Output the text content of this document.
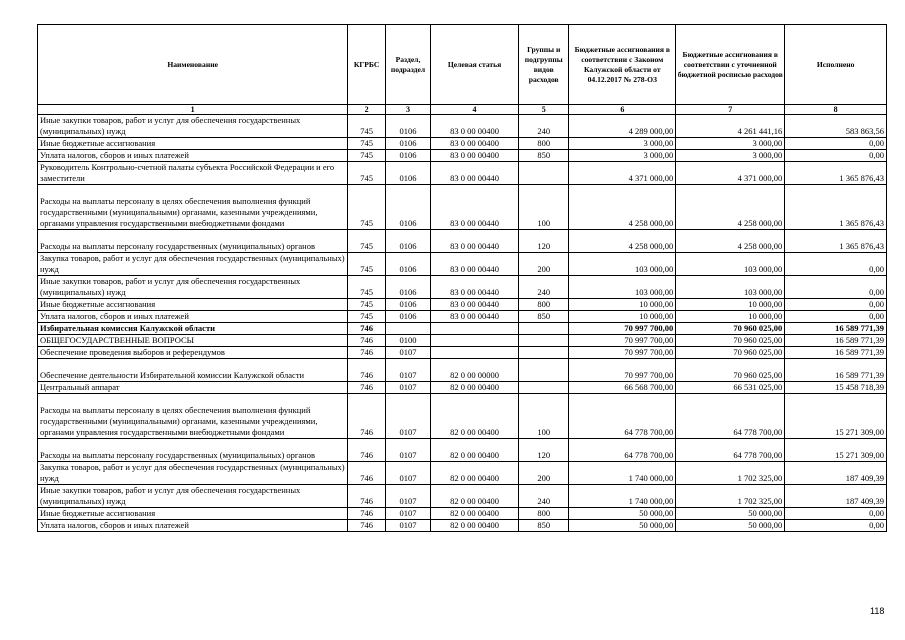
Наименование	КГРБС	Раздел, подраздел	Целевая статья	Группы и подгруппы видов расходов	Бюджетные ассигнования в соответствии с Законом Калужской области от 04.12.2017 № 278-ОЗ	Бюджетные ассигнования в соответствии с уточненной бюджетной росписью расходов	Исполнено
1	2	3	4	5	6	7	8
Иные закупки товаров, работ и услуг для обеспечения государственных (муниципальных) нужд	745	0106	83 0 00 00400	240	4 289 000,00	4 261 441,16	583 863,56
Иные бюджетные ассигнования	745	0106	83 0 00 00400	800	3 000,00	3 000,00	0,00
Уплата налогов, сборов и иных платежей	745	0106	83 0 00 00400	850	3 000,00	3 000,00	0,00
Руководитель Контрольно-счетной палаты субъекта Российской Федерации и его заместители	745	0106	83 0 00 00440		4 371 000,00	4 371 000,00	1 365 876,43
Расходы на выплаты персоналу в целях обеспечения выполнения функций государственными (муниципальными) органами, казенными учреждениями, органами управления государственными внебюджетными фондами	745	0106	83 0 00 00440	100	4 258 000,00	4 258 000,00	1 365 876,43
Расходы на выплаты персоналу государственных (муниципальных) органов	745	0106	83 0 00 00440	120	4 258 000,00	4 258 000,00	1 365 876,43
Закупка товаров, работ и услуг для обеспечения государственных (муниципальных) нужд	745	0106	83 0 00 00440	200	103 000,00	103 000,00	0,00
Иные закупки товаров, работ и услуг для обеспечения государственных (муниципальных) нужд	745	0106	83 0 00 00440	240	103 000,00	103 000,00	0,00
Иные бюджетные ассигнования	745	0106	83 0 00 00440	800	10 000,00	10 000,00	0,00
Уплата налогов, сборов и иных платежей	745	0106	83 0 00 00440	850	10 000,00	10 000,00	0,00
Избирательная комиссия Калужской области	746				70 997 700,00	70 960 025,00	16 589 771,39
ОБЩЕГОСУДАРСТВЕННЫЕ ВОПРОСЫ	746	0100			70 997 700,00	70 960 025,00	16 589 771,39
Обеспечение проведения выборов и референдумов	746	0107			70 997 700,00	70 960 025,00	16 589 771,39
Обеспечение деятельности Избирательной комиссии Калужской области	746	0107	82 0 00 00000		70 997 700,00	70 960 025,00	16 589 771,39
Центральный аппарат	746	0107	82 0 00 00400		66 568 700,00	66 531 025,00	15 458 718,39
Расходы на выплаты персоналу в целях обеспечения выполнения функций государственными (муниципальными) органами, казенными учреждениями, органами управления государственными внебюджетными фондами	746	0107	82 0 00 00400	100	64 778 700,00	64 778 700,00	15 271 309,00
Расходы на выплаты персоналу государственных (муниципальных) органов	746	0107	82 0 00 00400	120	64 778 700,00	64 778 700,00	15 271 309,00
Закупка товаров, работ и услуг для обеспечения государственных (муниципальных) нужд	746	0107	82 0 00 00400	200	1 740 000,00	1 702 325,00	187 409,39
Иные закупки товаров, работ и услуг для обеспечения государственных (муниципальных) нужд	746	0107	82 0 00 00400	240	1 740 000,00	1 702 325,00	187 409,39
Иные бюджетные ассигнования	746	0107	82 0 00 00400	800	50 000,00	50 000,00	0,00
Уплата налогов, сборов и иных платежей	746	0107	82 0 00 00400	850	50 000,00	50 000,00	0,00
118
